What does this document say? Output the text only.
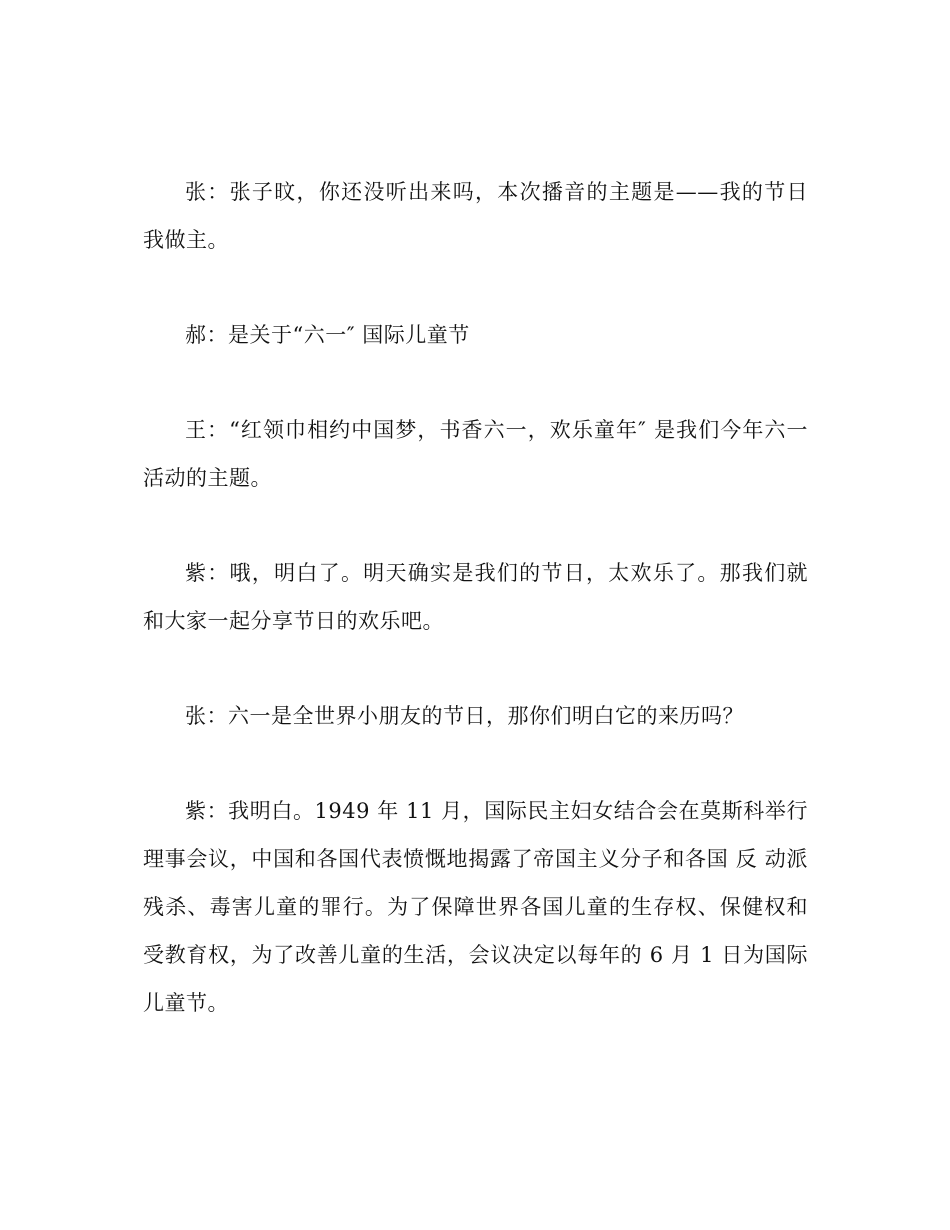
张：张子旼，你还没听出来吗，本次播音的主题是——我的节日我做主。

郝：是关于“六一″ 国际儿童节

王：“红领巾相约中国梦，书香六一，欢乐童年″ 是我们今年六一活动的主题。

紫：哦，明白了。明天确实是我们的节日，太欢乐了。那我们就和大家一起分享节日的欢乐吧。

张：六一是全世界小朋友的节日，那你们明白它的来历吗？

紫：我明白。1949 年 11 月，国际民主妇女结合会在莫斯科举行理事会议，中国和各国代表愤慨地揭露了帝国主义分子和各国 反 动派 残杀、毒害儿童的罪行。为了保障世界各国儿童的生存权、保健权和受教育权，为了改善儿童的生活，会议决定以每年的 6 月 1 日为国际儿童节。
